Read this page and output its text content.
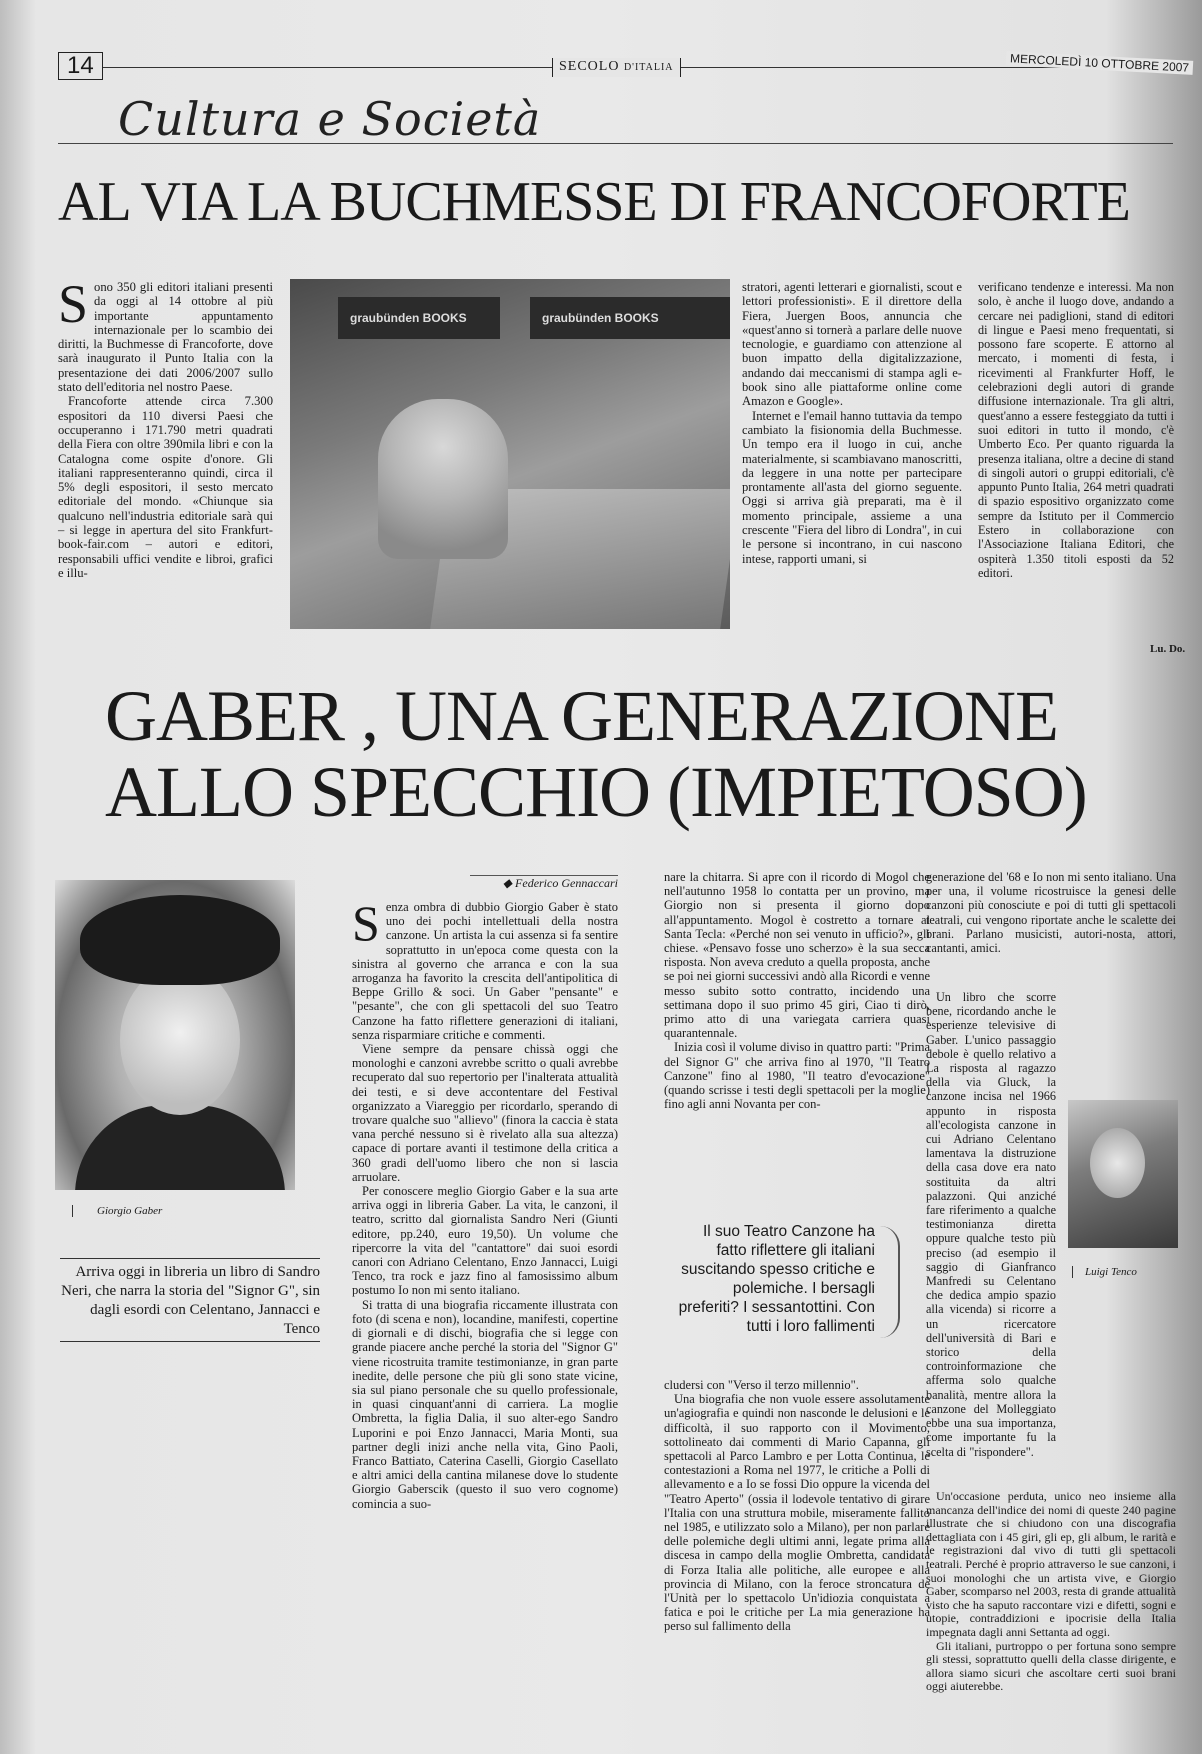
14	SECOLO D'ITALIA	MERCOLEDÌ 10 OTTOBRE 2007
Cultura e Società
AL VIA LA BUCHMESSE DI FRANCOFORTE
S ono 350 gli editori italiani presenti da oggi al 14 ottobre al più importante appuntamento internazionale per lo scambio dei diritti, la Buchmesse di Francoforte, dove sarà inaugurato il Punto Italia con la presentazione dei dati 2006/2007 sullo stato dell'editoria nel nostro Paese.

Francoforte attende circa 7.300 espositori da 110 diversi Paesi che occuperanno i 171.790 metri quadrati della Fiera con oltre 390mila libri e con la Catalogna come ospite d'onore. Gli italiani rappresenteranno quindi, circa il 5% degli espositori, il sesto mercato editoriale del mondo. «Chiunque sia qualcuno nell'industria editoriale sarà qui – si legge in apertura del sito Frankfurt-book-fair.com – autori e editori, responsabili uffici vendite e libroi, grafici e illu-

graubünden BOOKS	graubünden BOOKS

stratori, agenti letterari e giornalisti, scout e lettori professionisti». E il direttore della Fiera, Juergen Boos, annuncia che «quest'anno si tornerà a parlare delle nuove tecnologie, e guardiamo con attenzione al buon impatto della digitalizzazione, andando dai meccanismi di stampa agli e-book sino alle piattaforme online come Amazon e Google».

Internet e l'email hanno tuttavia da tempo cambiato la fisionomia della Buchmesse. Un tempo era il luogo in cui, anche materialmente, si scambiavano manoscritti, da leggere in una notte per partecipare prontamente all'asta del giorno seguente. Oggi si arriva già preparati, ma è il momento principale, assieme a una crescente "Fiera del libro di Londra", in cui le persone si incontrano, in cui nascono intese, rapporti umani, si

verificano tendenze e interessi. Ma non solo, è anche il luogo dove, andando a cercare nei padiglioni, stand di editori di lingue e Paesi meno frequentati, si possono fare scoperte. E attorno al mercato, i momenti di festa, i ricevimenti al Frankfurter Hoff, le celebrazioni degli autori di grande diffusione internazionale. Tra gli altri, quest'anno a essere festeggiato da tutti i suoi editori in tutto il mondo, c'è Umberto Eco. Per quanto riguarda la presenza italiana, oltre a decine di stand di singoli autori o gruppi editoriali, c'è appunto Punto Italia, 264 metri quadrati di spazio espositivo organizzato come sempre da Istituto per il Commercio Estero in collaborazione con l'Associazione Italiana Editori, che ospiterà 1.350 titoli esposti da 52 editori.

Lu. Do.
GABER , UNA GENERAZIONE
ALLO SPECCHIO (IMPIETOSO)
Giorgio Gaber
Arriva oggi in libreria un libro di Sandro Neri, che narra la storia del "Signor G", sin dagli esordi con Celentano, Jannacci e Tenco
◆ Federico Gennaccari
S enza ombra di dubbio Giorgio Gaber è stato uno dei pochi intellettuali della nostra canzone. Un artista la cui assenza si fa sentire soprattutto in un'epoca come questa con la sinistra al governo che arranca e con la sua arroganza ha favorito la crescita dell'antipolitica di Beppe Grillo & soci. Un Gaber "pensante" e "pesante", che con gli spettacoli del suo Teatro Canzone ha fatto riflettere generazioni di italiani, senza risparmiare critiche e commenti.

Viene sempre da pensare chissà oggi che monologhi e canzoni avrebbe scritto o quali avrebbe recuperato dal suo repertorio per l'inalterata attualità dei testi, e si deve accontentare del Festival organizzato a Viareggio per ricordarlo, sperando di trovare qualche suo "allievo" (finora la caccia è stata vana perché nessuno si è rivelato alla sua altezza) capace di portare avanti il testimone della critica a 360 gradi dell'uomo libero che non si lascia arruolare.

Per conoscere meglio Giorgio Gaber e la sua arte arriva oggi in libreria Gaber. La vita, le canzoni, il teatro, scritto dal giornalista Sandro Neri (Giunti editore, pp.240, euro 19,50). Un volume che ripercorre la vita del "cantattore" dai suoi esordi canori con Adriano Celentano, Enzo Jannacci, Luigi Tenco, tra rock e jazz fino al famosissimo album postumo Io non mi sento italiano.

Si tratta di una biografia riccamente illustrata con foto (di scena e non), locandine, manifesti, copertine di giornali e di dischi, biografia che si legge con grande piacere anche perché la storia del "Signor G" viene ricostruita tramite testimonianze, in gran parte inedite, delle persone che più gli sono state vicine, sia sul piano personale che su quello professionale, in quasi cinquant'anni di carriera. La moglie Ombretta, la figlia Dalia, il suo alter-ego Sandro Luporini e poi Enzo Jannacci, Maria Monti, sua partner degli inizi anche nella vita, Gino Paoli, Franco Battiato, Caterina Caselli, Giorgio Casellato e altri amici della cantina milanese dove lo studente Giorgio Gaberscik (questo il suo vero cognome) comincia a suo-

nare la chitarra. Si apre con il ricordo di Mogol che nell'autunno 1958 lo contatta per un provino, ma Giorgio non si presenta il giorno dopo all'appuntamento. Mogol è costretto a tornare al Santa Tecla: «Perché non sei venuto in ufficio?», gli chiese. «Pensavo fosse uno scherzo» è la sua secca risposta. Non aveva creduto a quella proposta, anche se poi nei giorni successivi andò alla Ricordi e venne messo subito sotto contratto, incidendo una settimana dopo il suo primo 45 giri, Ciao ti dirò, primo atto di una variegata carriera quasi quarantennale.

Inizia così il volume diviso in quattro parti: "Prima del Signor G" che arriva fino al 1970, "Il Teatro Canzone" fino al 1980, "Il teatro d'evocazione" (quando scrisse i testi degli spettacoli per la moglie) fino agli anni Novanta per con-

Il suo Teatro Canzone ha fatto riflettere gli italiani suscitando spesso critiche e polemiche. I bersagli preferiti? I sessantottini. Con tutti i loro fallimenti

cludersi con "Verso il terzo millennio".

Una biografia che non vuole essere assolutamente un'agiografia e quindi non nasconde le delusioni e le difficoltà, il suo rapporto con il Movimento, sottolineato dai commenti di Mario Capanna, gli spettacoli al Parco Lambro e per Lotta Continua, le contestazioni a Roma nel 1977, le critiche a Polli di allevamento e a Io se fossi Dio oppure la vicenda del "Teatro Aperto" (ossia il lodevole tentativo di girare l'Italia con una struttura mobile, miseramente fallito nel 1985, e utilizzato solo a Milano), per non parlare delle polemiche degli ultimi anni, legate prima alla discesa in campo della moglie Ombretta, candidata di Forza Italia alle politiche, alle europee e alla provincia di Milano, con la feroce stroncatura de l'Unità per lo spettacolo Un'idiozia conquistata a fatica e poi le critiche per La mia generazione ha perso sul fallimento della

generazione del '68 e Io non mi sento italiano. Una per una, il volume ricostruisce la genesi delle canzoni più conosciute e poi di tutti gli spettacoli teatrali, cui vengono riportate anche le scalette dei brani. Parlano musicisti, autori-nosta, attori, cantanti, amici.

Luigi Tenco

Un libro che scorre bene, ricordando anche le esperienze televisive di Gaber. L'unico passaggio debole è quello relativo a La risposta al ragazzo della via Gluck, la canzone incisa nel 1966 appunto in risposta all'ecologista canzone in cui Adriano Celentano lamentava la distruzione della casa dove era nato sostituita da altri palazzoni. Qui anziché fare riferimento a qualche testimonianza diretta oppure qualche testo più preciso (ad esempio il saggio di Gianfranco Manfredi su Celentano che dedica ampio spazio alla vicenda) si ricorre a un ricercatore dell'università di Bari e storico della controinformazione che afferma solo qualche banalità, mentre allora la canzone del Molleggiato ebbe una sua importanza, come importante fu la scelta di "rispondere".

Un'occasione perduta, unico neo insieme alla mancanza dell'indice dei nomi di queste 240 pagine illustrate che si chiudono con una discografia dettagliata con i 45 giri, gli ep, gli album, le rarità e le registrazioni dal vivo di tutti gli spettacoli teatrali. Perché è proprio attraverso le sue canzoni, i suoi monologhi che un artista vive, e Giorgio Gaber, scomparso nel 2003, resta di grande attualità visto che ha saputo raccontare vizi e difetti, sogni e utopie, contraddizioni e ipocrisie della Italia impegnata dagli anni Settanta ad oggi.

Gli italiani, purtroppo o per fortuna sono sempre gli stessi, soprattutto quelli della classe dirigente, e allora siamo sicuri che ascoltare certi suoi brani oggi aiuterebbe.
